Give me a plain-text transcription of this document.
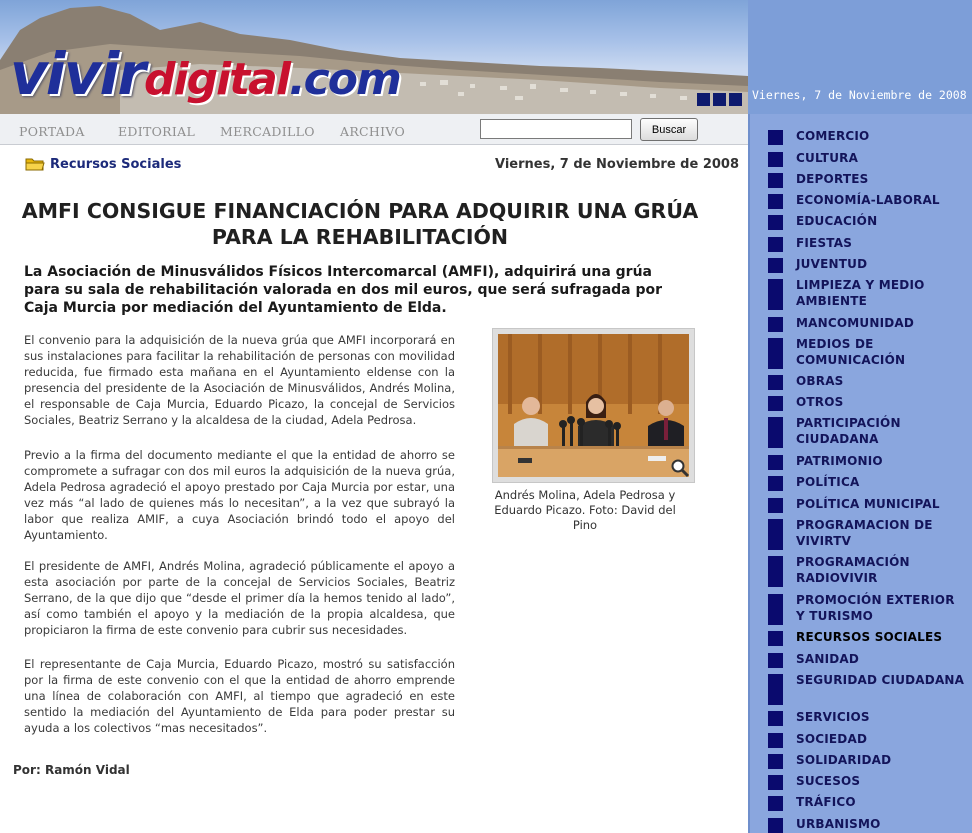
vivirdigital.com	Viernes, 7 de Noviembre de 2008
PORTADA	EDITORIAL MERCADILLO ARCHIVO	Buscar
Recursos Sociales	Viernes, 7 de Noviembre de 2008
AMFI CONSIGUE FINANCIACIÓN PARA ADQUIRIR UNA GRÚA PARA LA REHABILITACIÓN

La Asociación de Minusválidos Físicos Intercomarcal (AMFI), adquirirá una grúa para su sala de rehabilitación valorada en dos mil euros, que será sufragada por Caja Murcia por mediación del Ayuntamiento de Elda.

El convenio para la adquisición de la nueva grúa que AMFI incorporará en sus instalaciones para facilitar la rehabilitación de personas con movilidad reducida, fue firmado esta mañana en el Ayuntamiento eldense con la presencia del presidente de la Asociación de Minusválidos, Andrés Molina, el responsable de Caja Murcia, Eduardo Picazo, la concejal de Servicios Sociales, Beatriz Serrano y la alcaldesa de la ciudad, Adela Pedrosa.

Previo a la firma del documento mediante el que la entidad de ahorro se compromete a sufragar con dos mil euros la adquisición de la nueva grúa, Adela Pedrosa agradeció el apoyo prestado por Caja Murcia por estar, una vez más “al lado de quienes más lo necesitan”, a la vez que subrayó la labor que realiza AMIF, a cuya Asociación brindó todo el apoyo del Ayuntamiento.

El presidente de AMFI, Andrés Molina, agradeció públicamente el apoyo a esta asociación por parte de la concejal de Servicios Sociales, Beatriz Serrano, de la que dijo que “desde el primer día la hemos tenido al lado”, así como también el apoyo y la mediación de la propia alcaldesa, que propiciaron la firma de este convenio para cubrir sus necesidades.

El representante de Caja Murcia, Eduardo Picazo, mostró su satisfacción por la firma de este convenio con el que la entidad de ahorro emprende una línea de colaboración con AMFI, al tiempo que agradeció en este sentido la mediación del Ayuntamiento de Elda para poder prestar su ayuda a los colectivos “mas necesitados”.

Andrés Molina, Adela Pedrosa y Eduardo Picazo. Foto: David del Pino

Por: Ramón Vidal
COMERCIO
CULTURA
DEPORTES
ECONOMÍA-LABORAL
EDUCACIÓN
FIESTAS
JUVENTUD
LIMPIEZA Y MEDIO AMBIENTE
MANCOMUNIDAD
MEDIOS DE COMUNICACIÓN
OBRAS
OTROS
PARTICIPACIÓN CIUDADANA
PATRIMONIO
POLÍTICA
POLÍTICA MUNICIPAL
PROGRAMACION DE VIVIRTV
PROGRAMACIÓN RADIOVIVIR
PROMOCIÓN EXTERIOR Y TURISMO
RECURSOS SOCIALES
SANIDAD
SEGURIDAD CIUDADANA
SERVICIOS
SOCIEDAD
SOLIDARIDAD
SUCESOS
TRÁFICO
URBANISMO
